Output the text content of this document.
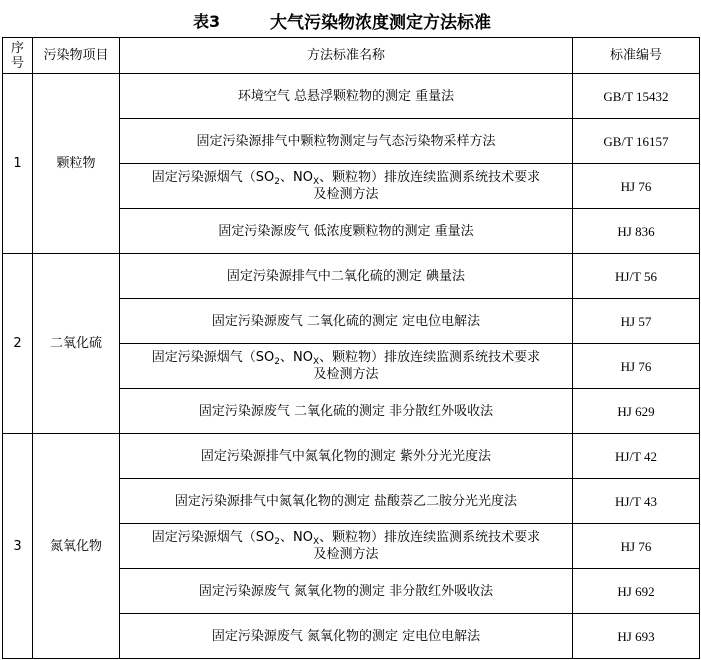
表3	大气污染物浓度测定方法标准
序
号	污染物项目	方法标准名称	标准编号
1	颗粒物	环境空气 总悬浮颗粒物的测定 重量法	GB/T 15432
		固定污染源排气中颗粒物测定与气态污染物采样方法	GB/T 16157
		固定污染源烟气（$SO_2$、$NO_X$、颗粒物）排放连续监测系统技术要求
及检测方法	HJ 76
		固定污染源废气 低浓度颗粒物的测定 重量法	HJ 836
2	二氧化硫	固定污染源排气中二氧化硫的测定 碘量法	HJ/T 56
		固定污染源废气 二氧化硫的测定 定电位电解法	HJ 57
		固定污染源烟气（$SO_2$、$NO_X$、颗粒物）排放连续监测系统技术要求
及检测方法	HJ 76
		固定污染源废气 二氧化硫的测定 非分散红外吸收法	HJ 629
3	氮氧化物	固定污染源排气中氮氧化物的测定 紫外分光光度法	HJ/T 42
		固定污染源排气中氮氧化物的测定 盐酸萘乙二胺分光光度法	HJ/T 43
		固定污染源烟气（$SO_2$、$NO_X$、颗粒物）排放连续监测系统技术要求
及检测方法	HJ 76
		固定污染源废气 氮氧化物的测定 非分散红外吸收法	HJ 692
		固定污染源废气 氮氧化物的测定 定电位电解法	HJ 693
